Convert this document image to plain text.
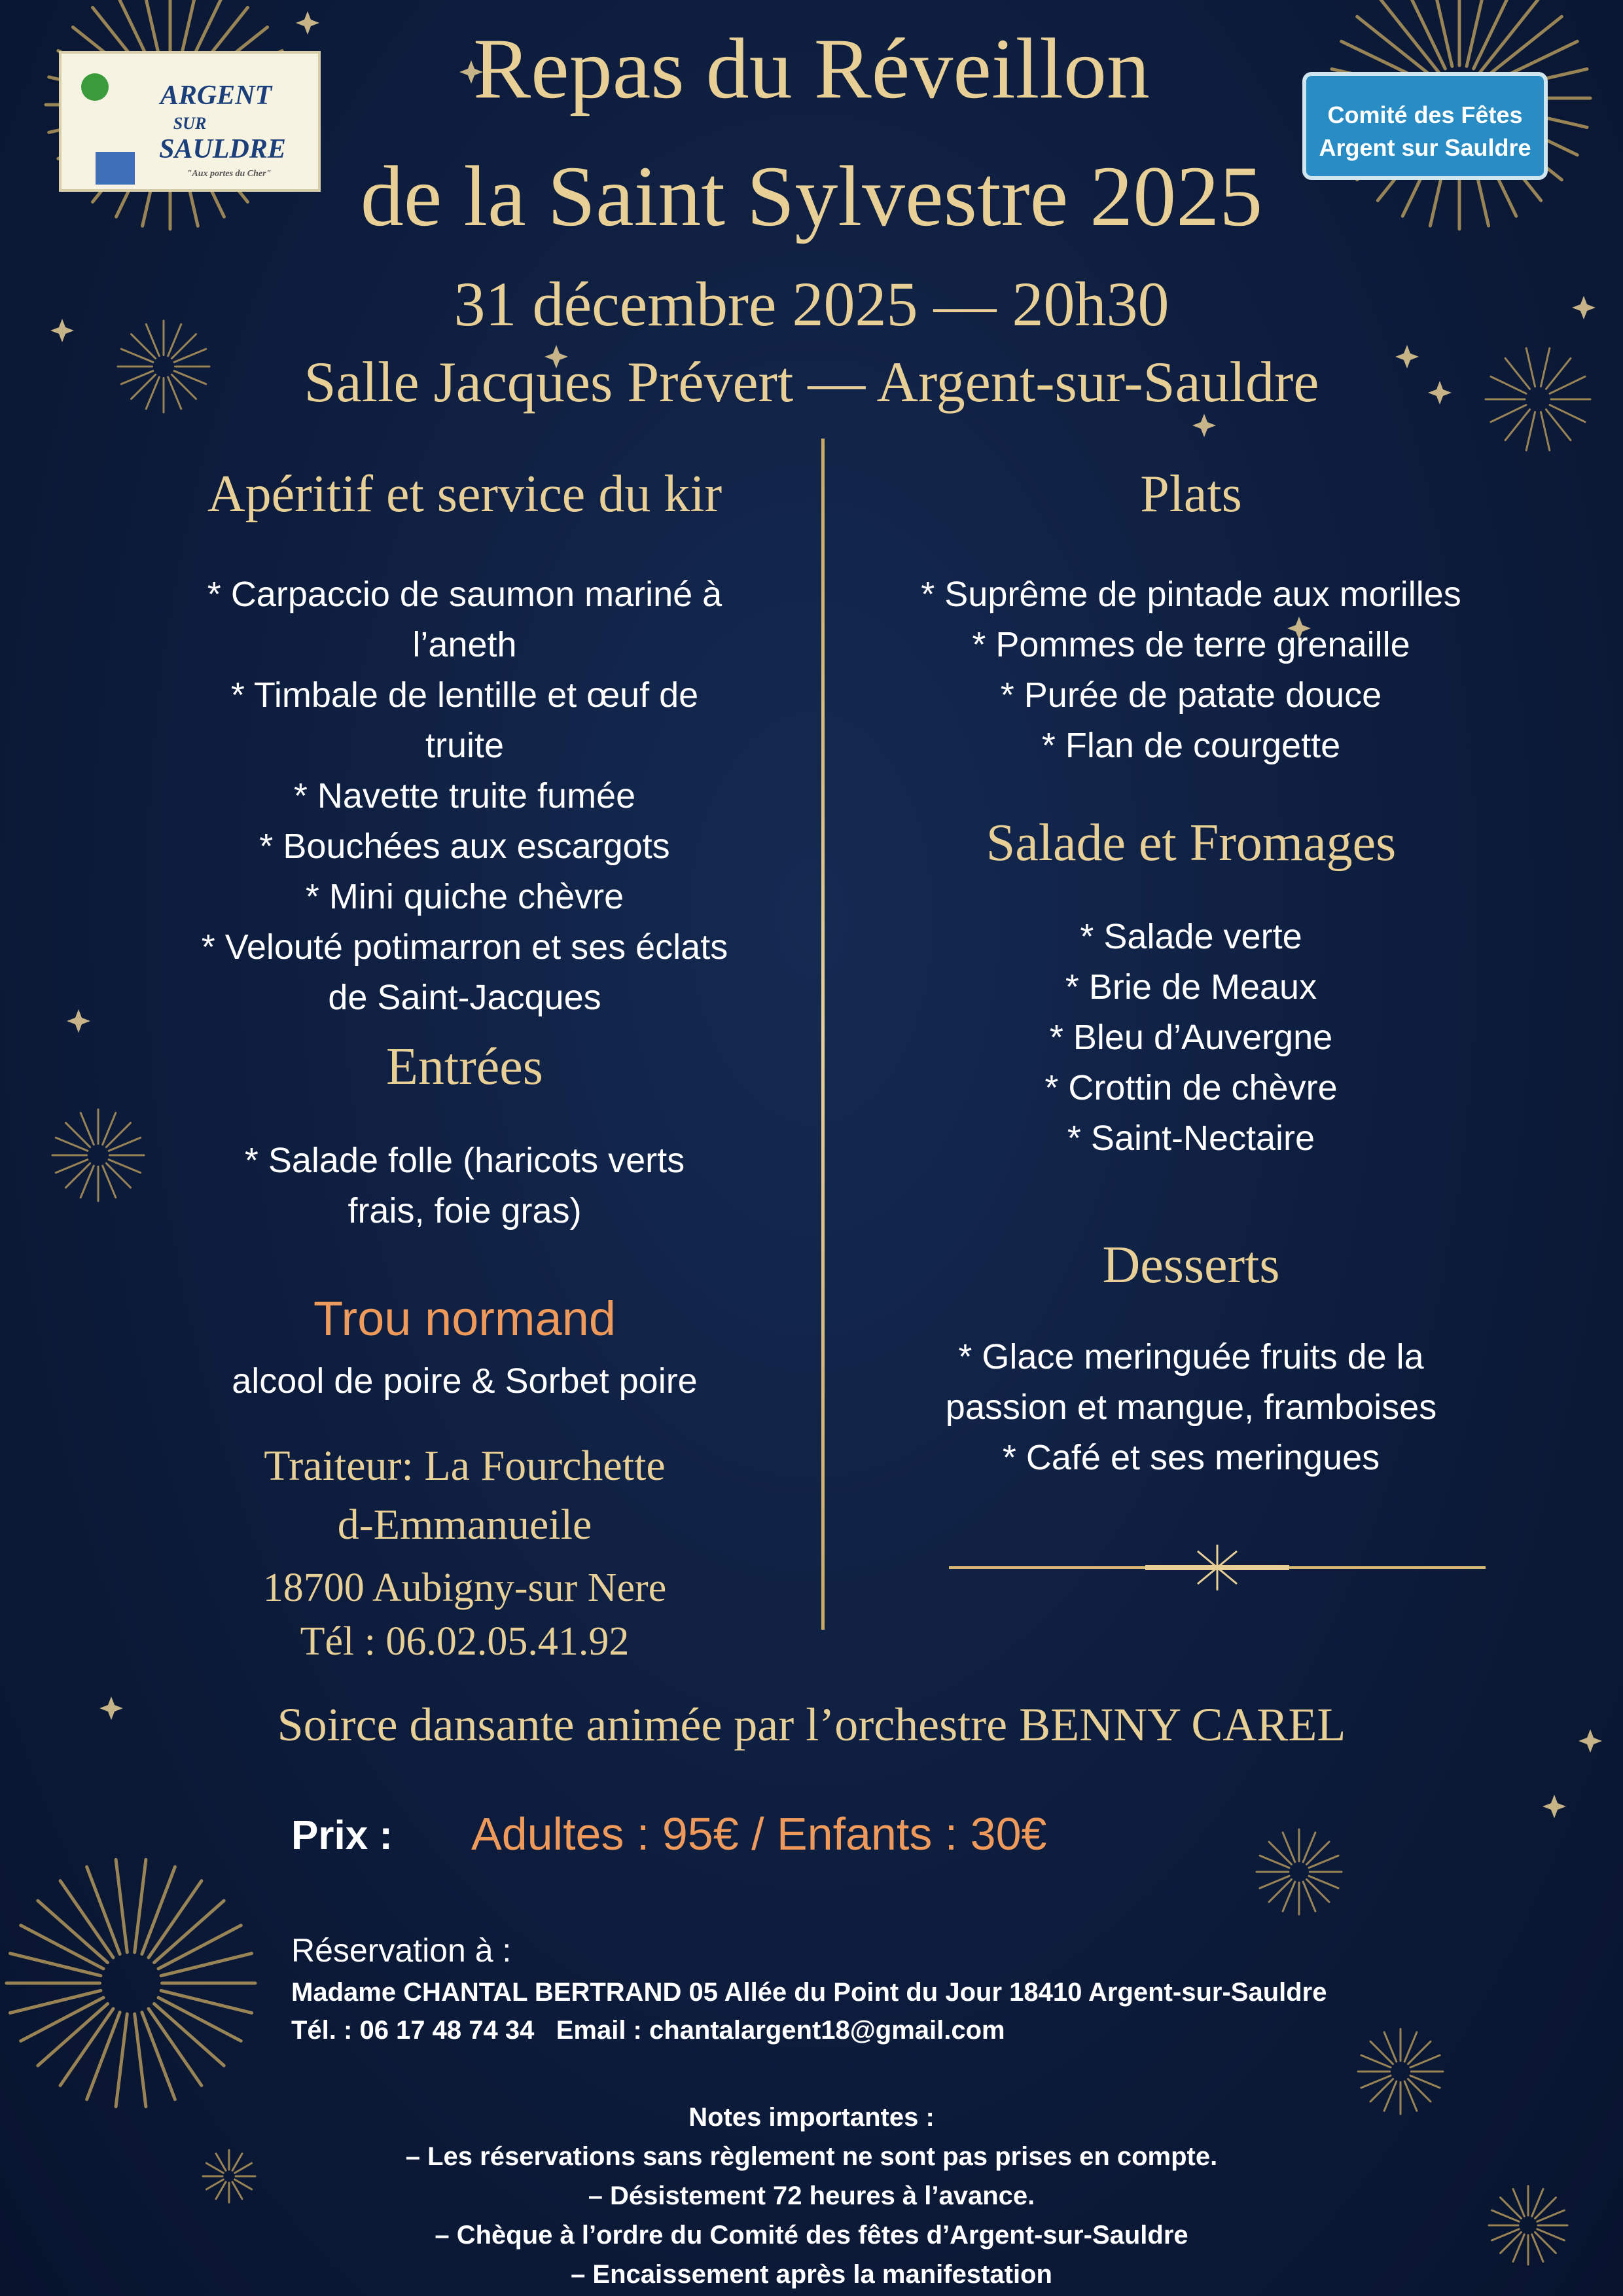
ARGENT
SUR
SAULDRE
"Aux portes du Cher"
Comité des Fêtes
Argent sur Sauldre
Repas du Réveillon
de la Saint Sylvestre 2025
31 décembre 2025 — 20h30
Salle Jacques Prévert — Argent-sur-Sauldre
Apéritif et service du kir
* Carpaccio de saumon mariné à
l’aneth
* Timbale de lentille et œuf de
truite
* Navette truite fumée
* Bouchées aux escargots
* Mini quiche chèvre
* Velouté potimarron et ses éclats
de Saint-Jacques
Entrées
* Salade folle (haricots verts
frais, foie gras)
Trou normand
alcool de poire & Sorbet poire
Traiteur: La Fourchette
d-Emmanueile
18700 Aubigny-sur Nere
Tél : 06.02.05.41.92
Plats
* Suprême de pintade aux morilles
* Pommes de terre grenaille
* Purée de patate douce
* Flan de courgette
Salade et Fromages
* Salade verte
* Brie de Meaux
* Bleu d’Auvergne
* Crottin de chèvre
* Saint-Nectaire
Desserts
* Glace meringuée fruits de la
passion et mangue, framboises
* Café et ses meringues
Soirce dansante animée par l’orchestre BENNY CAREL
Prix : Adultes : 95€ / Enfants : 30€
Réservation à :
Madame CHANTAL BERTRAND 05 Allée du Point du Jour 18410 Argent-sur-Sauldre
Tél. : 06 17 48 74 34   Email : chantalargent18@gmail.com
Notes importantes :
– Les réservations sans règlement ne sont pas prises en compte.
– Désistement 72 heures à l’avance.
– Chèque à l’ordre du Comité des fêtes d’Argent-sur-Sauldre
– Encaissement après la manifestation
